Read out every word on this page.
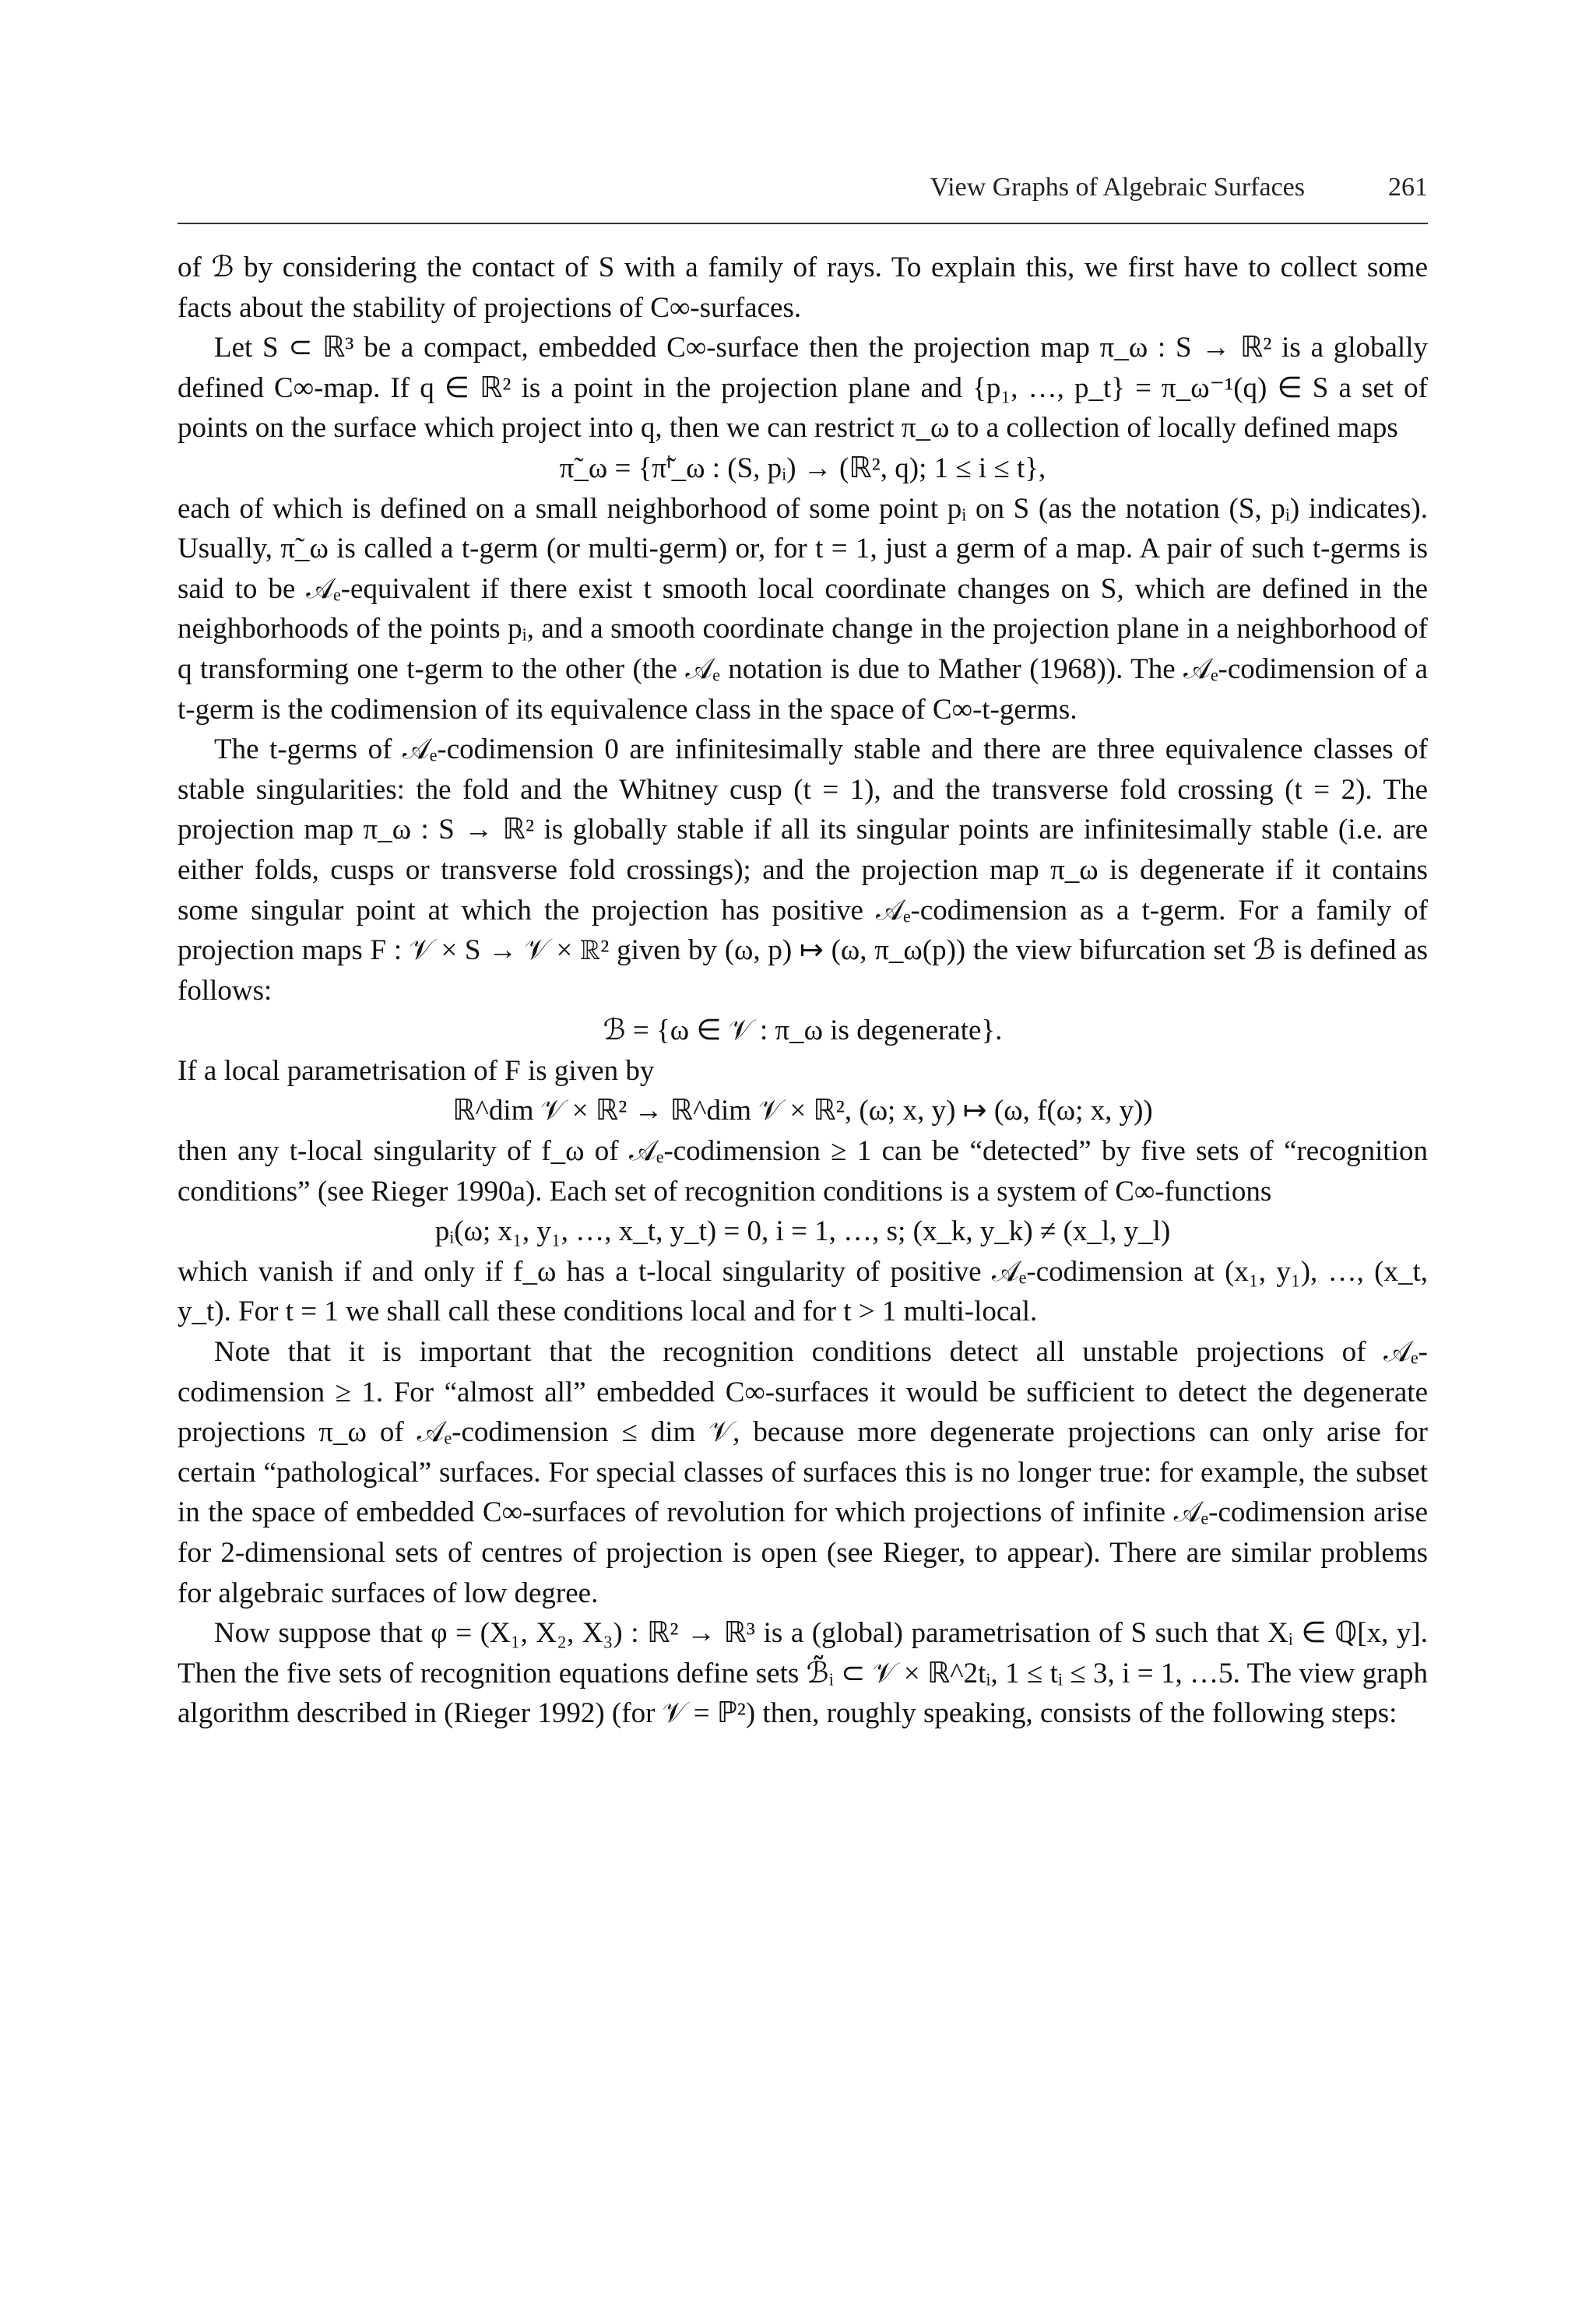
View Graphs of Algebraic Surfaces	261

of ℬ by considering the contact of S with a family of rays. To explain this, we first have to collect some facts about the stability of projections of C∞-surfaces.

Let S ⊂ ℝ³ be a compact, embedded C∞-surface then the projection map π_ω : S → ℝ² is a globally defined C∞-map. If q ∈ ℝ² is a point in the projection plane and {p₁, …, p_t} = π_ω⁻¹(q) ∈ S a set of points on the surface which project into q, then we can restrict π_ω to a collection of locally defined maps

π̃_ω = {π̃ⁱ_ω : (S, pᵢ) → (ℝ², q); 1 ≤ i ≤ t},

each of which is defined on a small neighborhood of some point pᵢ on S (as the notation (S, pᵢ) indicates). Usually, π̃_ω is called a t-germ (or multi-germ) or, for t = 1, just a germ of a map. A pair of such t-germs is said to be 𝒜ₑ-equivalent if there exist t smooth local coordinate changes on S, which are defined in the neighborhoods of the points pᵢ, and a smooth coordinate change in the projection plane in a neighborhood of q transforming one t-germ to the other (the 𝒜ₑ notation is due to Mather (1968)). The 𝒜ₑ-codimension of a t-germ is the codimension of its equivalence class in the space of C∞-t-germs.

The t-germs of 𝒜ₑ-codimension 0 are infinitesimally stable and there are three equivalence classes of stable singularities: the fold and the Whitney cusp (t = 1), and the transverse fold crossing (t = 2). The projection map π_ω : S → ℝ² is globally stable if all its singular points are infinitesimally stable (i.e. are either folds, cusps or transverse fold crossings); and the projection map π_ω is degenerate if it contains some singular point at which the projection has positive 𝒜ₑ-codimension as a t-germ. For a family of projection maps F : 𝒱 × S → 𝒱 × ℝ² given by (ω, p) ↦ (ω, π_ω(p)) the view bifurcation set ℬ is defined as follows:

ℬ = {ω ∈ 𝒱 : π_ω is degenerate}.

If a local parametrisation of F is given by

ℝ^dim 𝒱 × ℝ² → ℝ^dim 𝒱 × ℝ², (ω; x, y) ↦ (ω, f(ω; x, y))

then any t-local singularity of f_ω of 𝒜ₑ-codimension ≥ 1 can be “detected” by five sets of “recognition conditions” (see Rieger 1990a). Each set of recognition conditions is a system of C∞-functions

pᵢ(ω; x₁, y₁, …, x_t, y_t) = 0, i = 1, …, s; (x_k, y_k) ≠ (x_l, y_l)

which vanish if and only if f_ω has a t-local singularity of positive 𝒜ₑ-codimension at (x₁, y₁), …, (x_t, y_t). For t = 1 we shall call these conditions local and for t > 1 multi-local.

Note that it is important that the recognition conditions detect all unstable projections of 𝒜ₑ-codimension ≥ 1. For “almost all” embedded C∞-surfaces it would be sufficient to detect the degenerate projections π_ω of 𝒜ₑ-codimension ≤ dim 𝒱, because more degenerate projections can only arise for certain “pathological” surfaces. For special classes of surfaces this is no longer true: for example, the subset in the space of embedded C∞-surfaces of revolution for which projections of infinite 𝒜ₑ-codimension arise for 2-dimensional sets of centres of projection is open (see Rieger, to appear). There are similar problems for algebraic surfaces of low degree.

Now suppose that φ = (X₁, X₂, X₃) : ℝ² → ℝ³ is a (global) parametrisation of S such that Xᵢ ∈ ℚ[x, y]. Then the five sets of recognition equations define sets ℬ̃ᵢ ⊂ 𝒱 × ℝ^2tᵢ, 1 ≤ tᵢ ≤ 3, i = 1, …5. The view graph algorithm described in (Rieger 1992) (for 𝒱 = ℙ²) then, roughly speaking, consists of the following steps:
